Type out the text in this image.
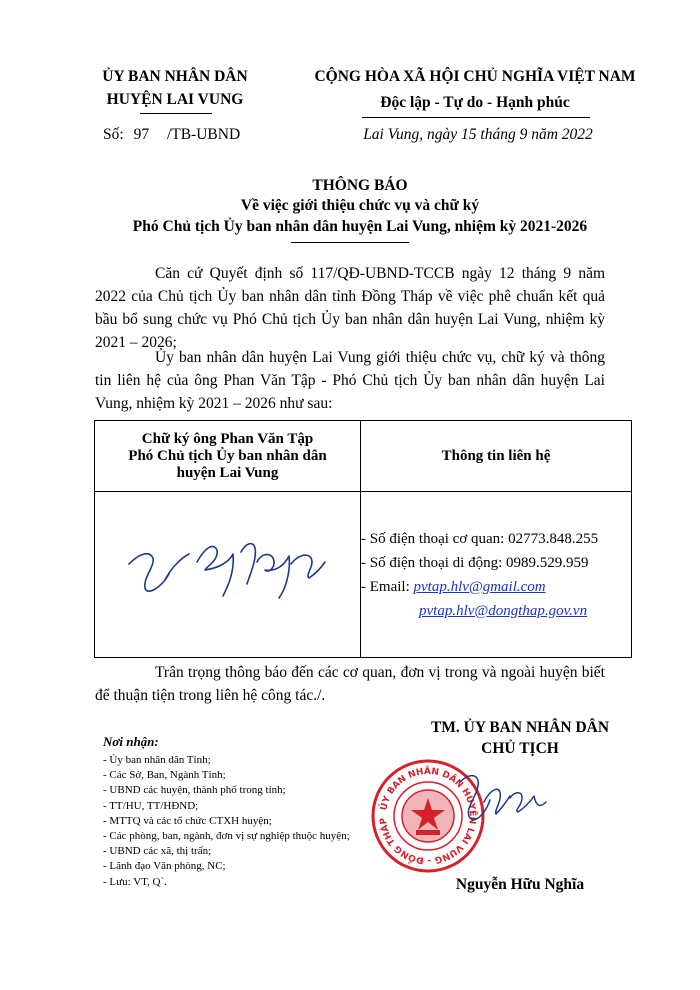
ỦY BAN NHÂN DÂN
HUYỆN LAI VUNG
CỘNG HÒA XÃ HỘI CHỦ NGHĨA VIỆT NAM
Độc lập - Tự do - Hạnh phúc
Số: 97 /TB-UBND	Lai Vung, ngày 15 tháng 9 năm 2022
THÔNG BÁO
Về việc giới thiệu chức vụ và chữ ký
Phó Chủ tịch Ủy ban nhân dân huyện Lai Vung, nhiệm kỳ 2021-2026
Căn cứ Quyết định số 117/QĐ-UBND-TCCB ngày 12 tháng 9 năm 2022 của Chủ tịch Ủy ban nhân dân tỉnh Đồng Tháp về việc phê chuẩn kết quả bầu bổ sung chức vụ Phó Chủ tịch Ủy ban nhân dân huyện Lai Vung, nhiệm kỳ 2021 – 2026;
Ủy ban nhân dân huyện Lai Vung giới thiệu chức vụ, chữ ký và thông tin liên hệ của ông Phan Văn Tập - Phó Chủ tịch Ủy ban nhân dân huyện Lai Vung, nhiệm kỳ 2021 – 2026 như sau:
Chữ ký ông Phan Văn Tập
Phó Chủ tịch Ủy ban nhân dân
huyện Lai Vung	Thông tin liên hệ

- Số điện thoại cơ quan: 02773.848.255
- Số điện thoại di động: 0989.529.959
- Email: pvtap.hlv@gmail.com
pvtap.hlv@dongthap.gov.vn
Trân trọng thông báo đến các cơ quan, đơn vị trong và ngoài huyện biết để thuận tiện trong liên hệ công tác./.
Nơi nhận:
- Ủy ban nhân dân Tỉnh;
- Các Sở, Ban, Ngành Tỉnh;
- UBND các huyện, thành phố trong tỉnh;
- TT/HU, TT/HĐND;
- MTTQ và các tổ chức CTXH huyện;
- Các phòng, ban, ngành, đơn vị sự nghiệp thuộc huyện;
- UBND các xã, thị trấn;
- Lãnh đạo Văn phòng, NC;
- Lưu: VT, Q`.
TM. ỦY BAN NHÂN DÂN
CHỦ TỊCH
ỦY BAN NHÂN DÂN HUYỆN LAI VUNG - ĐỒNG THÁP
Nguyễn Hữu Nghĩa
